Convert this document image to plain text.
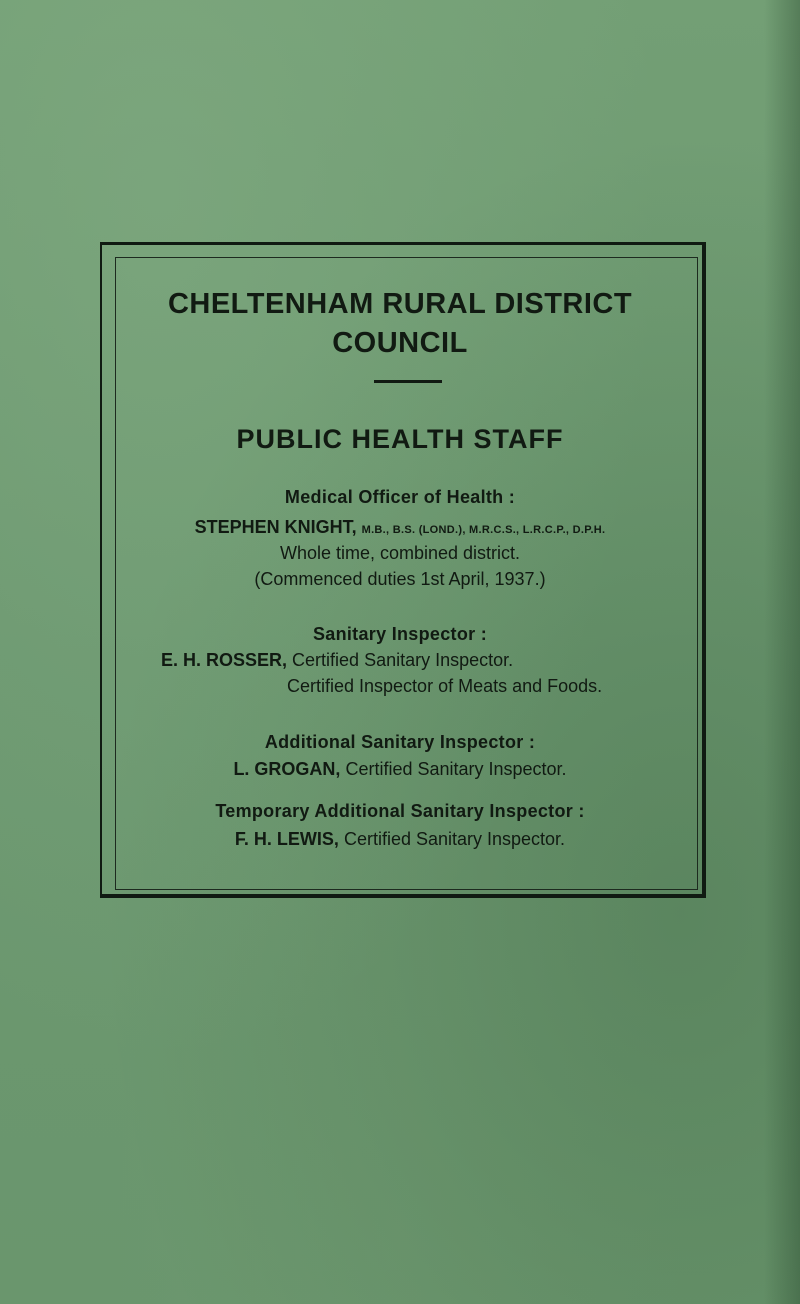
CHELTENHAM RURAL DISTRICT
COUNCIL
PUBLIC HEALTH STAFF
Medical Officer of Health :
STEPHEN KNIGHT, M.B., B.S. (LOND.), M.R.C.S., L.R.C.P., D.P.H.
Whole time, combined district.
(Commenced duties 1st April, 1937.)
Sanitary Inspector :
E. H. ROSSER, Certified Sanitary Inspector.
Certified Inspector of Meats and Foods.
Additional Sanitary Inspector :
L. GROGAN, Certified Sanitary Inspector.
Temporary Additional Sanitary Inspector :
F. H. LEWIS, Certified Sanitary Inspector.
